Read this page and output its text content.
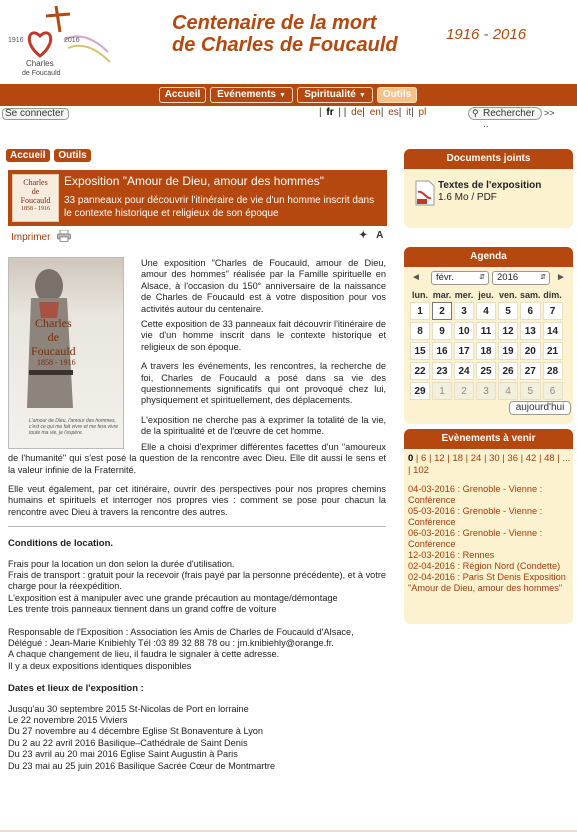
1916	2016
Charles
de Foucauld
Centenaire de la mort
de Charles de Foucauld	1916 - 2016
Accueil	Evénements ▼	Spiritualité ▼	Outils
Se connecter	| fr | | de| en| es| it| pl	⚲ Rechercher ..
>>
Accueil Outils
Charles
de
Foucauld
1858 - 1916
Exposition "Amour de Dieu, amour des hommes"
33 panneaux pour découvrir l'itinéraire de vie d'un homme inscrit dans le contexte historique et religieux de son époque
Imprimer	✦ A
Charles
de
Foucauld
1858 - 1916
L'amour de Dieu, l'amour des hommes, c'est ce qui me fait vivre et me fera vivre toute ma vie, je l'espère.

Une exposition "Charles de Foucauld, amour de Dieu, amour des hommes" réalisée par la Famille spirituelle en Alsace, à l'occasion du 150° anniversaire de la naissance de Charles de Foucauld est à votre disposition pour vos activités autour du centenaire.

Cette exposition de 33 panneaux fait découvrir l'itinéraire de vie d'un homme inscrit dans le contexte historique et religieux de son époque.

A travers les événements, les rencontres, la recherche de foi, Charles de Foucauld a posé dans sa vie des questionnements significatifs qui ont provoqué chez lui, physiquement et spirituellement, des déplacements.

L'exposition ne cherche pas à exprimer la totalité de la vie, de la spiritualité et de l'œuvre de cet homme.

Elle a choisi d'exprimer différentes facettes d'un "amoureux de l'humanité" qui s'est posé la question de la rencontre avec Dieu. Elle dit aussi le sens et la valeur infinie de la Fraternité.

Elle veut également, par cet itinéraire, ouvrir des perspectives pour nos propres chemins humains et spirituels et interroger nos propres vies : comment se pose pour chacun la rencontre avec Dieu à travers la rencontre des autres.

Conditions de location.
Frais pour la location un don selon la durée d'utilisation.
Frais de transport : gratuit pour la recevoir (frais payé par la personne précédente), et à votre charge pour la réexpédition.
L'exposition est à manipuler avec une grande précaution au montage/démontage
Les trente trois panneaux tiennent dans un grand coffre de voiture
Responsable de l'Exposition : Association les Amis de Charles de Foucauld d'Alsace,
Délégué : Jean-Marie Knibiehly Tél :03 89 32 88 78 ou : jm.knibiehly@orange.fr.
A chaque changement de lieu, il faudra le signaler à cette adresse.
Il y a deux expositions identiques disponibles
Dates et lieux de l'exposition :
Jusqu'au 30 septembre 2015 St-Nicolas de Port en lorraine
Le 22 novembre 2015 Viviers
Du 27 novembre au 4 décembre Eglise St Bonaventure à Lyon
Du 2 au 22 avril 2016 Basilique–Cathédrale de Saint Denis
Du 23 avril au 20 mai 2016 Eglise Saint Augustin à Paris
Du 23 mai au 25 juin 2016 Basilique Sacrée Cœur de Montmartre
Documents joints
Textes de l'exposition
1.6 Mo / PDF
Agenda
◄	févr.	⇵	2016	⇵ ►
lun.	mar.	mer.	jeu.	ven.	sam.	dim.
1	2	3	4	5	6	7
8	9	10	11	12	13	14
15	16	17	18	19	20	21
22	23	24	25	26	27	28
29	1	2	3	4	5	6
aujourd'hui
Evènements à venir
0 | 6 | 12 | 18 | 24 | 30 | 36 | 42 | 48 | ... | 102
04-03-2016 : Grenoble - Vienne : Conférence
05-03-2016 : Grenoble - Vienne : Conférence
06-03-2016 : Grenoble - Vienne : Conférence
12-03-2016 : Rennes
02-04-2016 : Région Nord (Condette)
02-04-2016 : Paris St Denis Exposition "Amour de Dieu, amour des hommes"
